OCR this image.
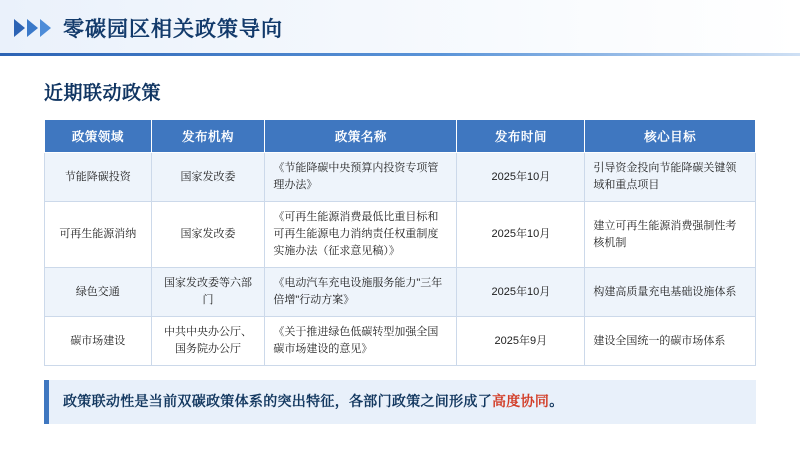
零碳园区相关政策导向
近期联动政策
政策领域	发布机构	政策名称	发布时间	核心目标
节能降碳投资	国家发改委	《节能降碳中央预算内投资专项管理办法》	2025年10月	引导资金投向节能降碳关键领域和重点项目
可再生能源消纳	国家发改委	《可再生能源消费最低比重目标和可再生能源电力消纳责任权重制度实施办法（征求意见稿）》	2025年10月	建立可再生能源消费强制性考核机制
绿色交通	国家发改委等六部门	《电动汽车充电设施服务能力"三年倍增"行动方案》	2025年10月	构建高质量充电基础设施体系
碳市场建设	中共中央办公厅、国务院办公厅	《关于推进绿色低碳转型加强全国碳市场建设的意见》	2025年9月	建设全国统一的碳市场体系
政策联动性是当前双碳政策体系的突出特征，各部门政策之间形成了高度协同。
